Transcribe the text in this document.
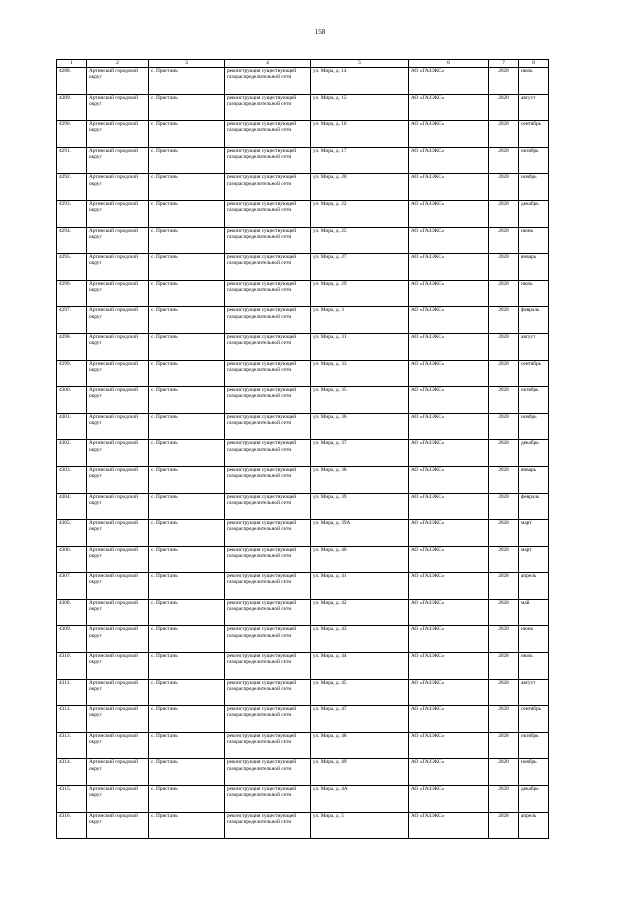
158
1	2	3	4	5	6	7	8
4288.	Артинский городской округ	с. Пристань	реконструкция существующей газораспределительной сети	ул. Мира, д. 14	АО «ГАЗЭКС»	2028	июль
4289.	Артинский городской округ	с. Пристань	реконструкция существующей газораспределительной сети	ул. Мира, д. 15	АО «ГАЗЭКС»	2028	август
4290.	Артинский городской округ	с. Пристань	реконструкция существующей газораспределительной сети	ул. Мира, д. 16	АО «ГАЗЭКС»	2028	сентябрь
4291.	Артинский городской округ	с. Пристань	реконструкция существующей газораспределительной сети	ул. Мира, д. 17	АО «ГАЗЭКС»	2028	октябрь
4292.	Артинский городской округ	с. Пристань	реконструкция существующей газораспределительной сети	ул. Мира, д. 20	АО «ГАЗЭКС»	2028	ноябрь
4293.	Артинский городской округ	с. Пристань	реконструкция существующей газораспределительной сети	ул. Мира, д. 22	АО «ГАЗЭКС»	2028	декабрь
4294.	Артинский городской округ	с. Пристань	реконструкция существующей газораспределительной сети	ул. Мира, д. 25	АО «ГАЗЭКС»	2028	июнь
4295.	Артинский городской округ	с. Пристань	реконструкция существующей газораспределительной сети	ул. Мира, д. 27	АО «ГАЗЭКС»	2028	январь
4296.	Артинский городской округ	с. Пристань	реконструкция существующей газораспределительной сети	ул. Мира, д. 29	АО «ГАЗЭКС»	2028	июль
4297.	Артинский городской округ	с. Пристань	реконструкция существующей газораспределительной сети	ул. Мира, д. 3	АО «ГАЗЭКС»	2028	февраль
4298.	Артинский городской округ	с. Пристань	реконструкция существующей газораспределительной сети	ул. Мира, д. 31	АО «ГАЗЭКС»	2028	август
4299.	Артинский городской округ	с. Пристань	реконструкция существующей газораспределительной сети	ул. Мира, д. 33	АО «ГАЗЭКС»	2028	сентябрь
4300.	Артинский городской округ	с. Пристань	реконструкция существующей газораспределительной сети	ул. Мира, д. 35	АО «ГАЗЭКС»	2028	октябрь
4301.	Артинский городской округ	с. Пристань	реконструкция существующей газораспределительной сети	ул. Мира, д. 36	АО «ГАЗЭКС»	2028	ноябрь
4302.	Артинский городской округ	с. Пристань	реконструкция существующей газораспределительной сети	ул. Мира, д. 37	АО «ГАЗЭКС»	2028	декабрь
4303.	Артинский городской округ	с. Пристань	реконструкция существующей газораспределительной сети	ул. Мира, д. 38	АО «ГАЗЭКС»	2028	январь
4304.	Артинский городской округ	с. Пристань	реконструкция существующей газораспределительной сети	ул. Мира, д. 39	АО «ГАЗЭКС»	2028	февраль
4305.	Артинский городской округ	с. Пристань	реконструкция существующей газораспределительной сети	ул. Мира, д. 39А	АО «ГАЗЭКС»	2028	март
4306.	Артинский городской округ	с. Пристань	реконструкция существующей газораспределительной сети	ул. Мира, д. 40	АО «ГАЗЭКС»	2028	март
4307.	Артинский городской округ	с. Пристань	реконструкция существующей газораспределительной сети	ул. Мира, д. 41	АО «ГАЗЭКС»	2028	апрель
4308.	Артинский городской округ	с. Пристань	реконструкция существующей газораспределительной сети	ул. Мира, д. 42	АО «ГАЗЭКС»	2028	май
4309.	Артинский городской округ	с. Пристань	реконструкция существующей газораспределительной сети	ул. Мира, д. 43	АО «ГАЗЭКС»	2028	июнь
4310.	Артинский городской округ	с. Пристань	реконструкция существующей газораспределительной сети	ул. Мира, д. 44	АО «ГАЗЭКС»	2028	июль
4311.	Артинский городской округ	с. Пристань	реконструкция существующей газораспределительной сети	ул. Мира, д. 45	АО «ГАЗЭКС»	2028	август
4312.	Артинский городской округ	с. Пристань	реконструкция существующей газораспределительной сети	ул. Мира, д. 47	АО «ГАЗЭКС»	2028	сентябрь
4313.	Артинский городской округ	с. Пристань	реконструкция существующей газораспределительной сети	ул. Мира, д. 48	АО «ГАЗЭКС»	2028	октябрь
4314.	Артинский городской округ	с. Пристань	реконструкция существующей газораспределительной сети	ул. Мира, д. 49	АО «ГАЗЭКС»	2028	ноябрь
4315.	Артинский городской округ	с. Пристань	реконструкция существующей газораспределительной сети	ул. Мира, д. 4А	АО «ГАЗЭКС»	2028	декабрь
4316.	Артинский городской округ	с. Пристань	реконструкция существующей газораспределительной сети	ул. Мира, д. 5	АО «ГАЗЭКС»	2028	апрель
